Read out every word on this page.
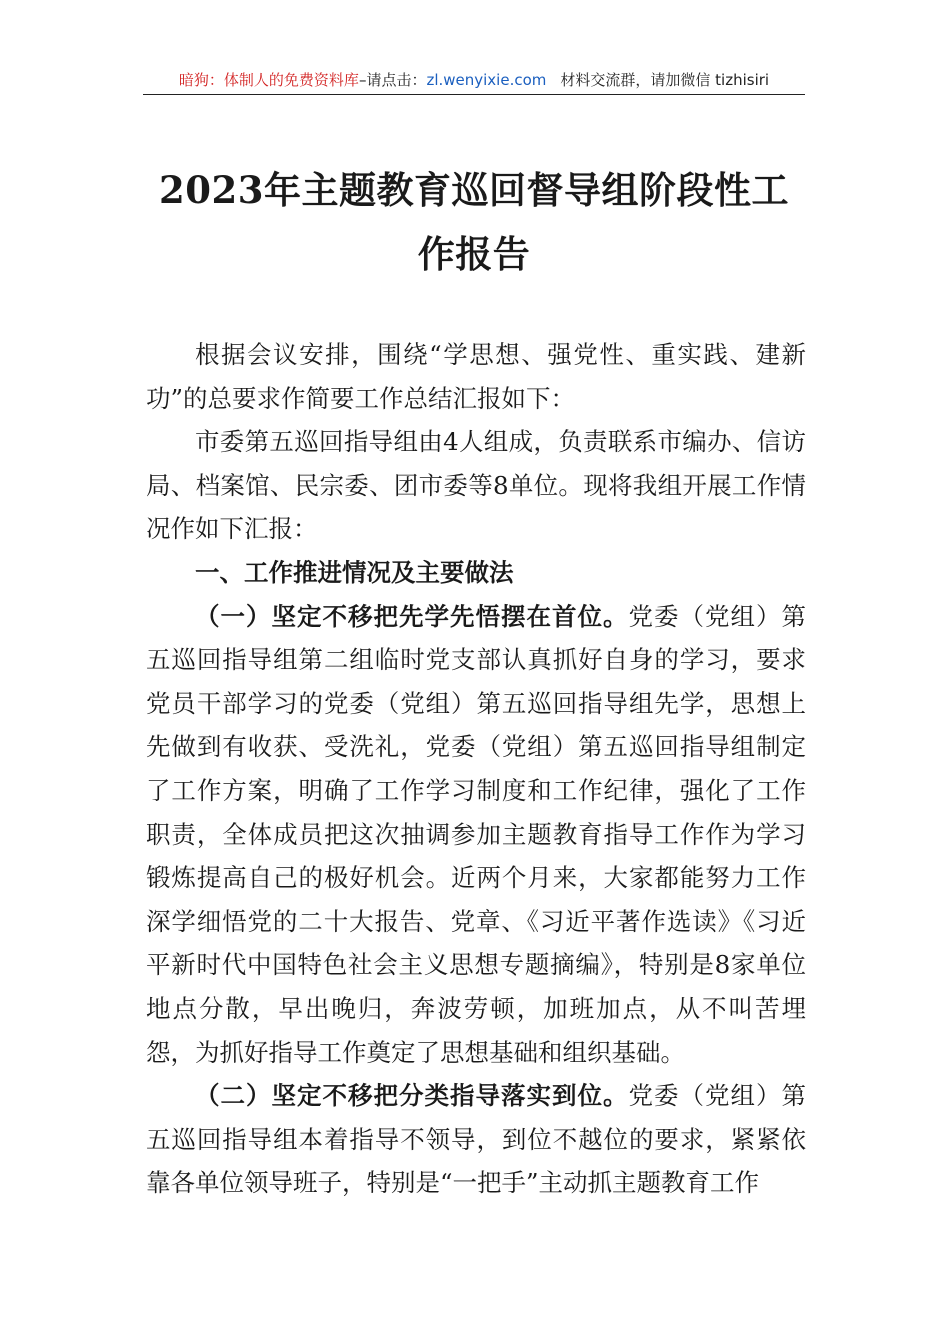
暗狗：体制人的免费资料库–请点击：zl.wenyixie.com 材料交流群，请加微信 tizhisiri
2023年主题教育巡回督导组阶段性工作报告

根据会议安排，围绕“学思想、强党性、重实践、建新功”的总要求作简要工作总结汇报如下：

市委第五巡回指导组由4人组成，负责联系市编办、信访局、档案馆、民宗委、团市委等8单位。现将我组开展工作情况作如下汇报：

一、工作推进情况及主要做法

（一）坚定不移把先学先悟摆在首位。党委（党组）第五巡回指导组第二组临时党支部认真抓好自身的学习，要求党员干部学习的党委（党组）第五巡回指导组先学，思想上先做到有收获、受洗礼，党委（党组）第五巡回指导组制定了工作方案，明确了工作学习制度和工作纪律，强化了工作职责，全体成员把这次抽调参加主题教育指导工作作为学习锻炼提高自己的极好机会。近两个月来，大家都能努力工作深学细悟党的二十大报告、党章、《习近平著作选读》《习近平新时代中国特色社会主义思想专题摘编》，特别是8家单位地点分散，早出晚归，奔波劳顿，加班加点，从不叫苦埋怨，为抓好指导工作奠定了思想基础和组织基础。

（二）坚定不移把分类指导落实到位。党委（党组）第五巡回指导组本着指导不领导，到位不越位的要求，紧紧依靠各单位领导班子，特别是“一把手”主动抓主题教育工作
